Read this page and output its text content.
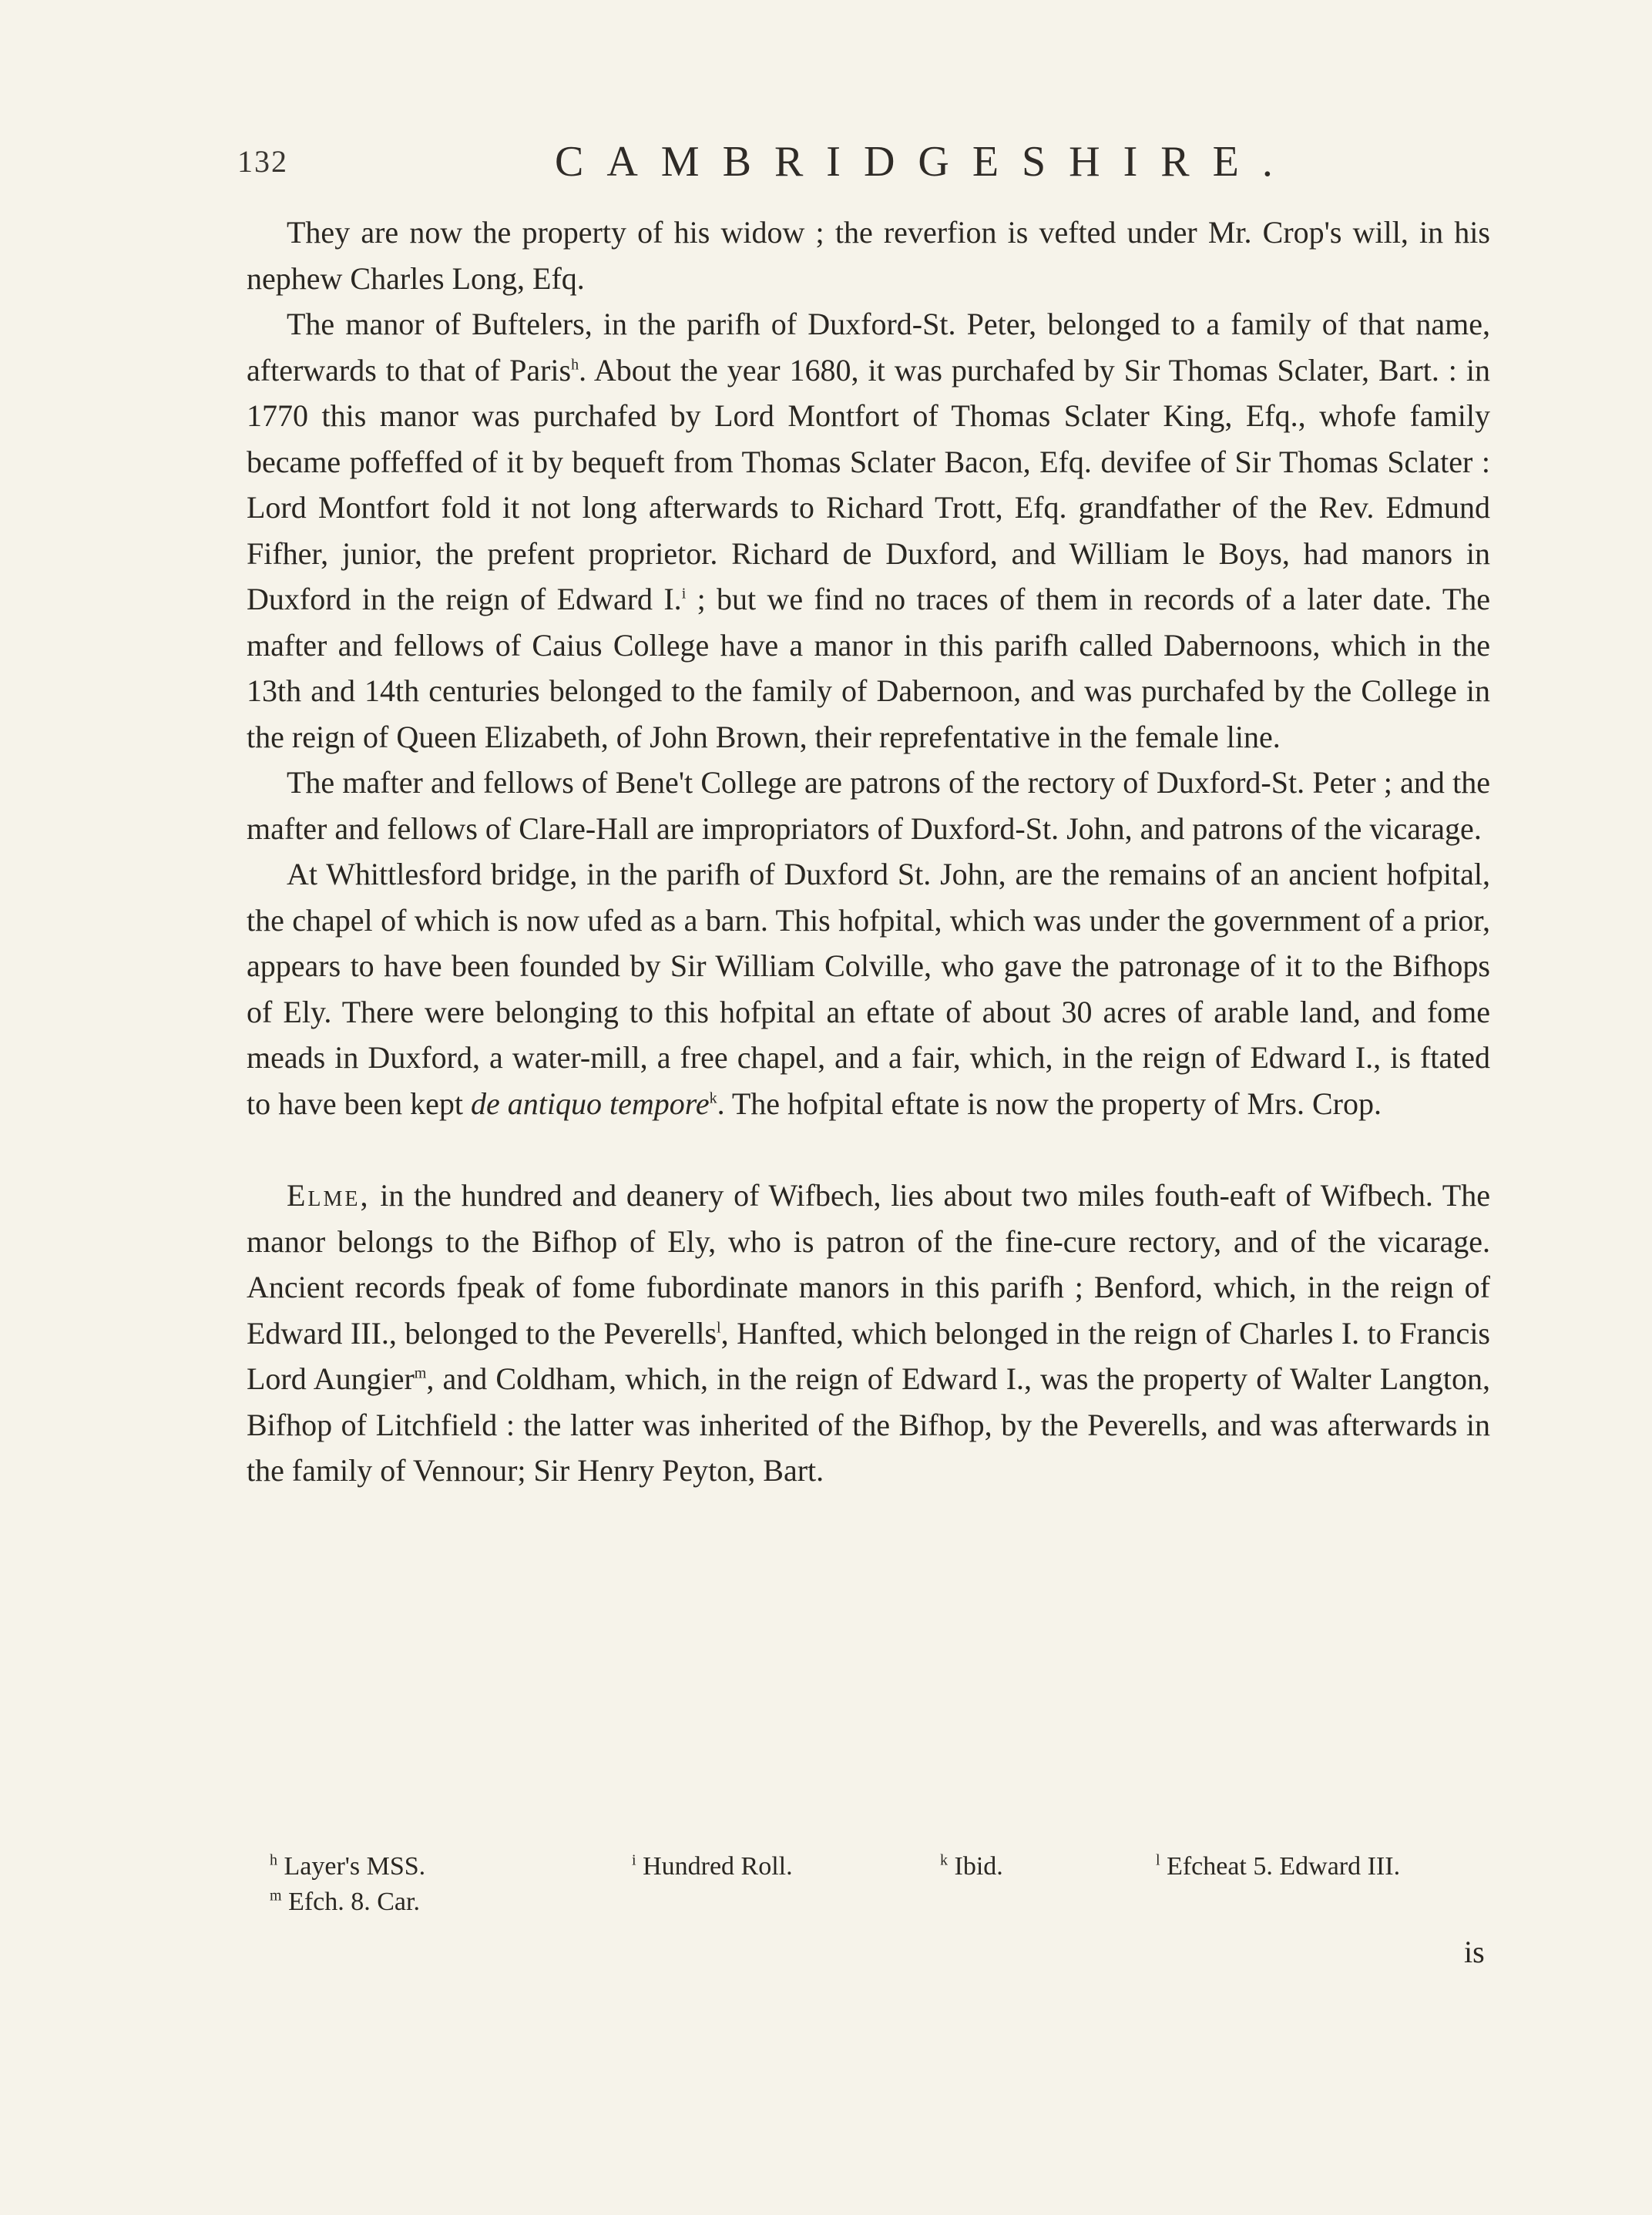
132	CAMBRIDGESHIRE.

They are now the property of his widow ; the reverfion is vefted under Mr. Crop's will, in his nephew Charles Long, Efq.

The manor of Buftelers, in the parifh of Duxford-St. Peter, belonged to a family of that name, afterwards to that of Paris$^h$. About the year 1680, it was purchafed by Sir Thomas Sclater, Bart. : in 1770 this manor was purchafed by Lord Montfort of Thomas Sclater King, Efq., whofe family became poffeffed of it by bequeft from Thomas Sclater Bacon, Efq. devifee of Sir Thomas Sclater : Lord Montfort fold it not long afterwards to Richard Trott, Efq. grandfather of the Rev. Edmund Fifher, junior, the prefent proprietor. Richard de Duxford, and William le Boys, had manors in Duxford in the reign of Edward I.$^i$ ; but we find no traces of them in records of a later date. The mafter and fellows of Caius College have a manor in this parifh called Dabernoons, which in the 13th and 14th centuries belonged to the family of Dabernoon, and was purchafed by the College in the reign of Queen Elizabeth, of John Brown, their reprefentative in the female line.

The mafter and fellows of Bene't College are patrons of the rectory of Duxford-St. Peter ; and the mafter and fellows of Clare-Hall are impropriators of Duxford-St. John, and patrons of the vicarage.

At Whittlesford bridge, in the parifh of Duxford St. John, are the remains of an ancient hofpital, the chapel of which is now ufed as a barn. This hofpital, which was under the government of a prior, appears to have been founded by Sir William Colville, who gave the patronage of it to the Bifhops of Ely. There were belonging to this hofpital an eftate of about 30 acres of arable land, and fome meads in Duxford, a water-mill, a free chapel, and a fair, which, in the reign of Edward I., is ftated to have been kept de antiquo tempore$^k$. The hofpital eftate is now the property of Mrs. Crop.

Elme, in the hundred and deanery of Wifbech, lies about two miles fouth-eaft of Wifbech. The manor belongs to the Bifhop of Ely, who is patron of the fine-cure rectory, and of the vicarage. Ancient records fpeak of fome fubordinate manors in this parifh ; Benford, which, in the reign of Edward III., belonged to the Peverells$^l$, Hanfted, which belonged in the reign of Charles I. to Francis Lord Aungier$^m$, and Coldham, which, in the reign of Edward I., was the property of Walter Langton, Bifhop of Litchfield : the latter was inherited of the Bifhop, by the Peverells, and was afterwards in the family of Vennour; Sir Henry Peyton, Bart.

$^h$ Layer's MSS.	$^i$ Hundred Roll.	$^k$ Ibid.	$^l$ Efcheat 5. Edward III.
$^m$ Efch. 8. Car.
is
